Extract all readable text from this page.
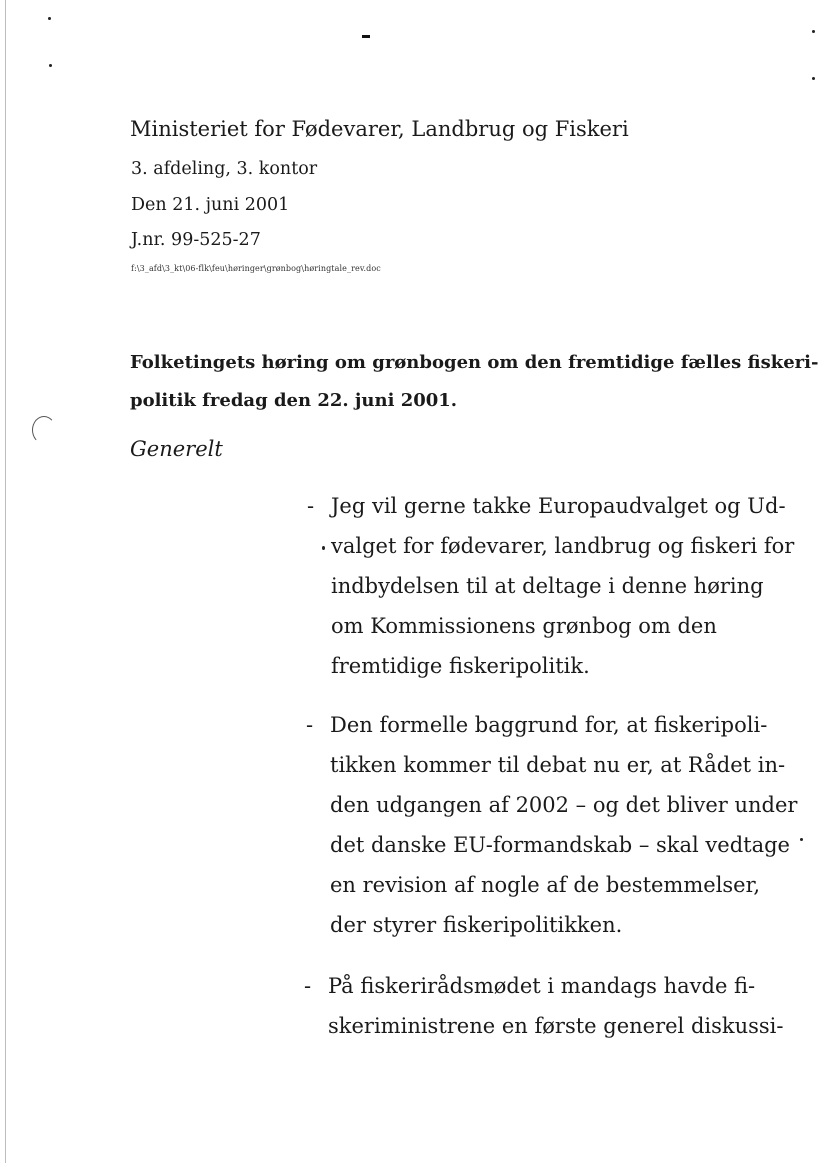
Ministeriet for Fødevarer, Landbrug og Fiskeri
3. afdeling, 3. kontor
Den 21. juni 2001
J.nr. 99-525-27
f:\3_afd\3_kt\06-flk\feu\høringer\grønbog\høringtale_rev.doc
Folketingets høring om grønbogen om den fremtidige fælles fiskeri-
politik fredag den 22. juni 2001.
Generelt
- Jeg vil gerne takke Europaudvalget og Ud-
valget for fødevarer, landbrug og fiskeri for
indbydelsen til at deltage i denne høring
om Kommissionens grønbog om den
fremtidige fiskeripolitik.
- Den formelle baggrund for, at fiskeripoli-
tikken kommer til debat nu er, at Rådet in-
den udgangen af 2002 – og det bliver under
det danske EU-formandskab – skal vedtage
en revision af nogle af de bestemmelser,
der styrer fiskeripolitikken.
- På fiskerirådsmødet i mandags havde fi-
skeriministrene en første generel diskussi-
